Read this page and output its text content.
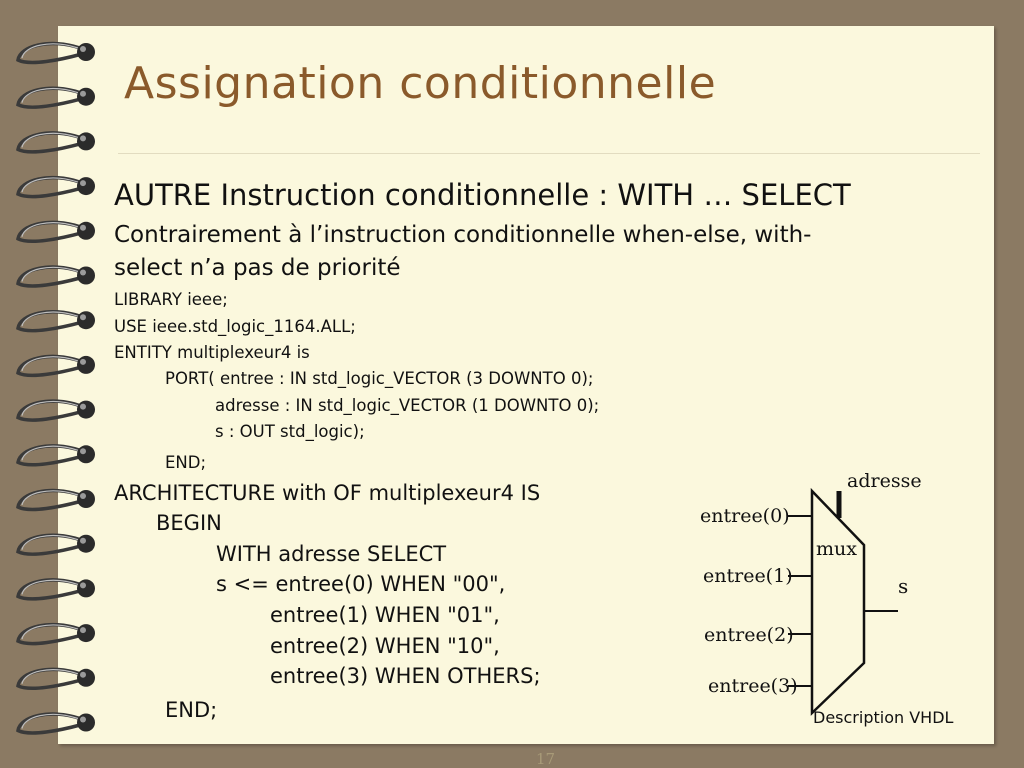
Assignation conditionnelle
AUTRE Instruction conditionnelle : WITH … SELECT
Contrairement à l’instruction conditionnelle when-else, with-
select n’a pas de priorité
LIBRARY ieee;
USE ieee.std_logic_1164.ALL;
ENTITY multiplexeur4 is
PORT( entree : IN std_logic_VECTOR (3 DOWNTO 0);
adresse : IN std_logic_VECTOR (1 DOWNTO 0);
s : OUT std_logic);
END;
ARCHITECTURE with OF multiplexeur4 IS
BEGIN
WITH adresse SELECT
s <= entree(0) WHEN "00",
entree(1) WHEN "01",
entree(2) WHEN "10",
entree(3) WHEN OTHERS;
END;
adresse
mux
s
entree(0)
entree(1)
entree(2)
entree(3)
Description VHDL
17
